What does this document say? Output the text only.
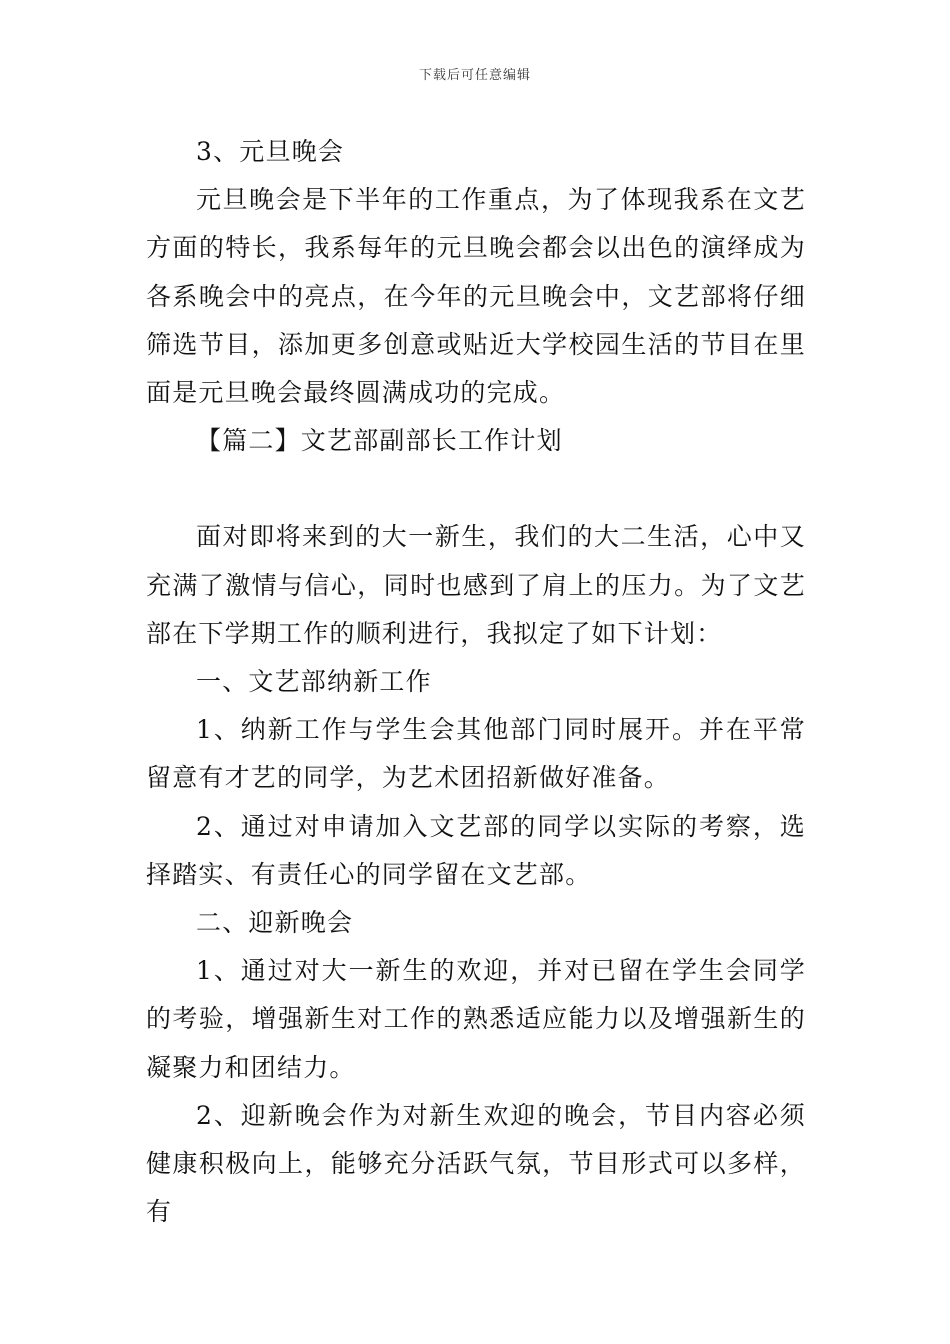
下载后可任意编辑

3、元旦晚会

元旦晚会是下半年的工作重点，为了体现我系在文艺方面的特长，我系每年的元旦晚会都会以出色的演绎成为各系晚会中的亮点，在今年的元旦晚会中，文艺部将仔细筛选节目，添加更多创意或贴近大学校园生活的节目在里面是元旦晚会最终圆满成功的完成。

【篇二】文艺部副部长工作计划

面对即将来到的大一新生，我们的大二生活，心中又充满了激情与信心，同时也感到了肩上的压力。为了文艺部在下学期工作的顺利进行，我拟定了如下计划：

一、文艺部纳新工作

1、纳新工作与学生会其他部门同时展开。并在平常留意有才艺的同学，为艺术团招新做好准备。

2、通过对申请加入文艺部的同学以实际的考察，选择踏实、有责任心的同学留在文艺部。

二、迎新晚会

1、通过对大一新生的欢迎，并对已留在学生会同学的考验，增强新生对工作的熟悉适应能力以及增强新生的凝聚力和团结力。

2、迎新晚会作为对新生欢迎的晚会，节目内容必须健康积极向上，能够充分活跃气氛，节目形式可以多样，有
